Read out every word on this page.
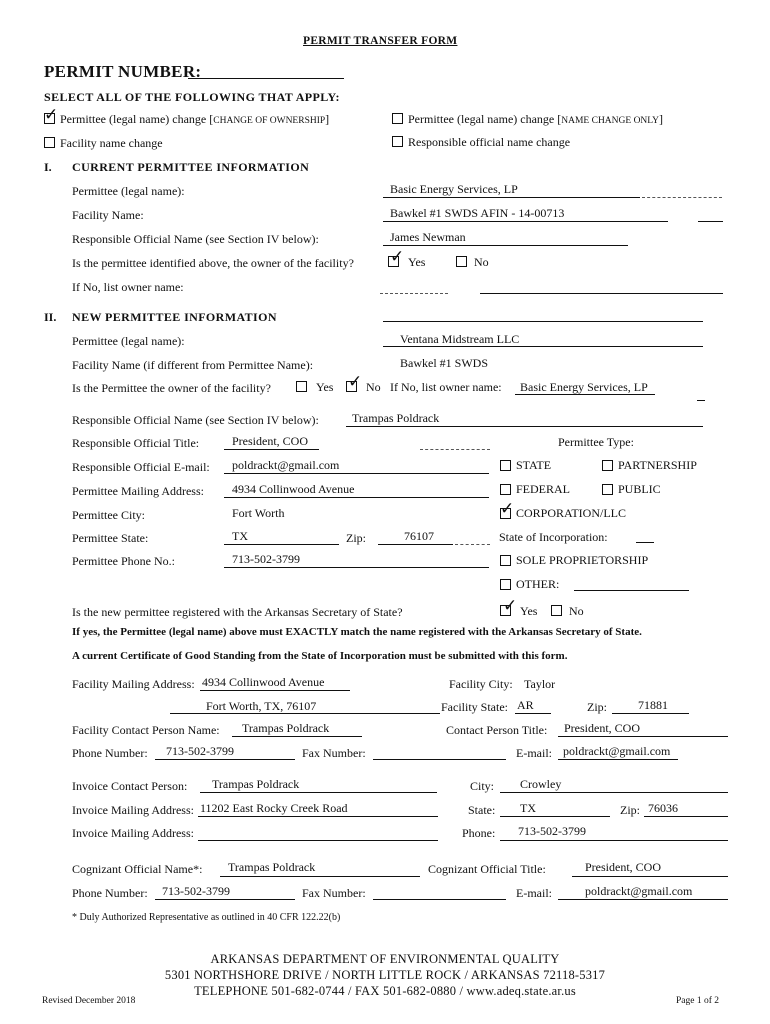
PERMIT TRANSFER FORM
PERMIT NUMBER:
SELECT ALL OF THE FOLLOWING THAT APPLY:
✓ Permittee (legal name) change [CHANGE OF OWNERSHIP]	Permittee (legal name) change [NAME CHANGE ONLY]
Facility name change	Responsible official name change
I. CURRENT PERMITTEE INFORMATION
Permittee (legal name):	Basic Energy Services, LP
Facility Name:	Bawkel #1 SWDS AFIN - 14-00713
Responsible Official Name (see Section IV below):	James Newman
Is the permittee identified above, the owner of the facility? ✓ Yes	No
If No, list owner name:
II. NEW PERMITTEE INFORMATION
Permittee (legal name):	Ventana Midstream LLC
Facility Name (if different from Permittee Name):	Bawkel #1 SWDS
Is the Permittee the owner of the facility?	Yes ✓ No If No, list owner name: Basic Energy Services, LP
Responsible Official Name (see Section IV below):	Trampas Poldrack
Responsible Official Title:	President, COO	Permittee Type:
Responsible Official E-mail: poldrackt@gmail.com	STATE	PARTNERSHIP
Permittee Mailing Address: 4934 Collinwood Avenue	FEDERAL	PUBLIC
Permittee City:	Fort Worth	✓ CORPORATION/LLC
Permittee State:	TX	Zip:	76107	State of Incorporation:
Permittee Phone No.:	713-502-3799	SOLE PROPRIETORSHIP
OTHER:
Is the new permittee registered with the Arkansas Secretary of State?	✓ Yes	No
If yes, the Permittee (legal name) above must EXACTLY match the name registered with the Arkansas Secretary of State.
A current Certificate of Good Standing from the State of Incorporation must be submitted with this form.
Facility Mailing Address: 4934 Collinwood Avenue	Facility City: Taylor
Fort Worth, TX, 76107	Facility State: AR	Zip:	71881
Facility Contact Person Name: Trampas Poldrack	Contact Person Title: President, COO
Phone Number: 713-502-3799	Fax Number:	E-mail: poldrackt@gmail.com
Invoice Contact Person: Trampas Poldrack	City: Crowley
Invoice Mailing Address: 11202 East Rocky Creek Road	State: TX	Zip: 76036
Invoice Mailing Address:	Phone: 713-502-3799
Cognizant Official Name*: Trampas Poldrack	Cognizant Official Title:	President, COO
Phone Number: 713-502-3799	Fax Number:	E-mail:	poldrackt@gmail.com
* Duly Authorized Representative as outlined in 40 CFR 122.22(b)
ARKANSAS DEPARTMENT OF ENVIRONMENTAL QUALITY
5301 NORTHSHORE DRIVE / NORTH LITTLE ROCK / ARKANSAS 72118-5317
TELEPHONE 501-682-0744 / FAX 501-682-0880 / www.adeq.state.ar.us
Revised December 2018	Page 1 of 2
